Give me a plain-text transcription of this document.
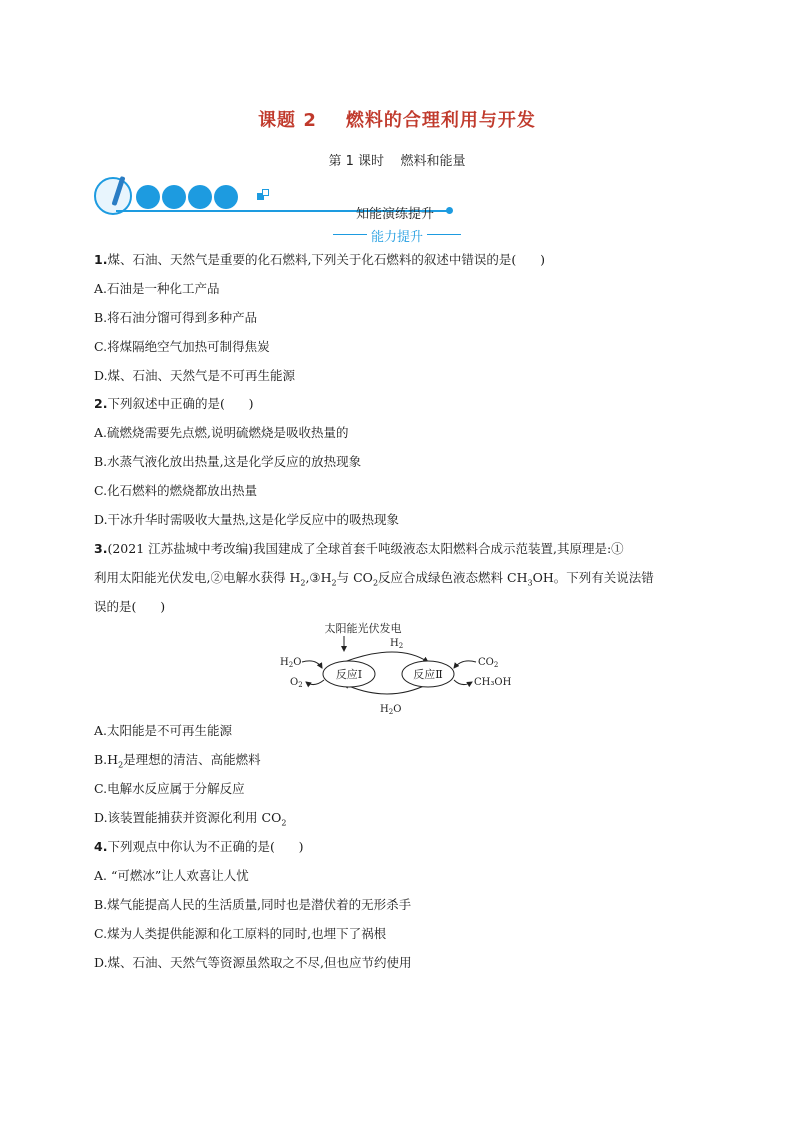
课题 2    燃料的合理利用与开发
第 1 课时    燃料和能量
知能演练提升
能力提升
1.煤、石油、天然气是重要的化石燃料,下列关于化石燃料的叙述中错误的是(      )
A.石油是一种化工产品
B.将石油分馏可得到多种产品
C.将煤隔绝空气加热可制得焦炭
D.煤、石油、天然气是不可再生能源
2.下列叙述中正确的是(      )
A.硫燃烧需要先点燃,说明硫燃烧是吸收热量的
B.水蒸气液化放出热量,这是化学反应的放热现象
C.化石燃料的燃烧都放出热量
D.干冰升华时需吸收大量热,这是化学反应中的吸热现象
3.(2021 江苏盐城中考改编)我国建成了全球首套千吨级液态太阳燃料合成示范装置,其原理是:①
利用太阳能光伏发电,②电解水获得 $H_2,③H_2$与 $CO_2$反应合成绿色液态燃料 $CH_3OH$。下列有关说法错
误的是(      )
太阳能光伏发电
$H_2$
反应Ⅰ	反应Ⅱ
$H_2O$
$O_2$
$CO_2$
CH₃OH
$H_2O$
A.太阳能是不可再生能源
$B.H_2$是理想的清洁、高能燃料
C.电解水反应属于分解反应
D.该装置能捕获并资源化利用 $CO_2$
4.下列观点中你认为不正确的是(      )
A. “可燃冰”让人欢喜让人忧
B.煤气能提高人民的生活质量,同时也是潜伏着的无形杀手
C.煤为人类提供能源和化工原料的同时,也埋下了祸根
D.煤、石油、天然气等资源虽然取之不尽,但也应节约使用
